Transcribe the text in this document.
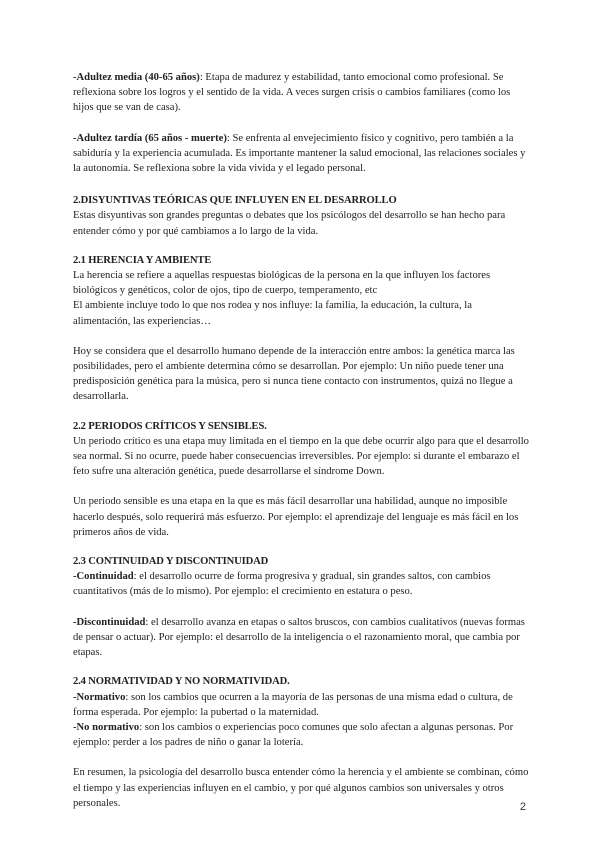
-Adultez media (40-65 años): Etapa de madurez y estabilidad, tanto emocional como profesional. Se reflexiona sobre los logros y el sentido de la vida. A veces surgen crisis o cambios familiares (como los hijos que se van de casa).

-Adultez tardía (65 años - muerte): Se enfrenta al envejecimiento físico y cognitivo, pero también a la sabiduría y la experiencia acumulada. Es importante mantener la salud emocional, las relaciones sociales y la autonomía. Se reflexiona sobre la vida vivida y el legado personal.

2.DISYUNTIVAS TEÓRICAS QUE INFLUYEN EN EL DESARROLLO

Estas disyuntivas son grandes preguntas o debates que los psicólogos del desarrollo se han hecho para entender cómo y por qué cambiamos a lo largo de la vida.

2.1 HERENCIA Y AMBIENTE

La herencia se refiere a aquellas respuestas biológicas de la persona en la que influyen los factores biológicos y genéticos, color de ojos, tipo de cuerpo, temperamento, etc

El ambiente incluye todo lo que nos rodea y nos influye: la familia, la educación, la cultura, la alimentación, las experiencias…

Hoy se considera que el desarrollo humano depende de la interacción entre ambos: la genética marca las posibilidades, pero el ambiente determina cómo se desarrollan. Por ejemplo: Un niño puede tener una predisposición genética para la música, pero si nunca tiene contacto con instrumentos, quizá no llegue a desarrollarla.

2.2 PERIODOS CRÍTICOS Y SENSIBLES.

Un periodo crítico es una etapa muy limitada en el tiempo en la que debe ocurrir algo para que el desarrollo sea normal. Si no ocurre, puede haber consecuencias irreversibles. Por ejemplo: si durante el embarazo el feto sufre una alteración genética, puede desarrollarse el síndrome Down.

Un periodo sensible es una etapa en la que es más fácil desarrollar una habilidad, aunque no imposible hacerlo después, solo requerirá más esfuerzo. Por ejemplo: el aprendizaje del lenguaje es más fácil en los primeros años de vida.

2.3 CONTINUIDAD Y DISCONTINUIDAD

-Continuidad: el desarrollo ocurre de forma progresiva y gradual, sin grandes saltos, con cambios cuantitativos (más de lo mismo). Por ejemplo: el crecimiento en estatura o peso.

-Discontinuidad: el desarrollo avanza en etapas o saltos bruscos, con cambios cualitativos (nuevas formas de pensar o actuar). Por ejemplo: el desarrollo de la inteligencia o el razonamiento moral, que cambia por etapas.

2.4 NORMATIVIDAD Y NO NORMATIVIDAD.

-Normativo: son los cambios que ocurren a la mayoría de las personas de una misma edad o cultura, de forma esperada. Por ejemplo: la pubertad o la maternidad.

-No normativo: son los cambios o experiencias poco comunes que solo afectan a algunas personas. Por ejemplo: perder a los padres de niño o ganar la lotería.

En resumen, la psicología del desarrollo busca entender cómo la herencia y el ambiente se combinan, cómo el tiempo y las experiencias influyen en el cambio, y por qué algunos cambios son universales y otros personales.	2
